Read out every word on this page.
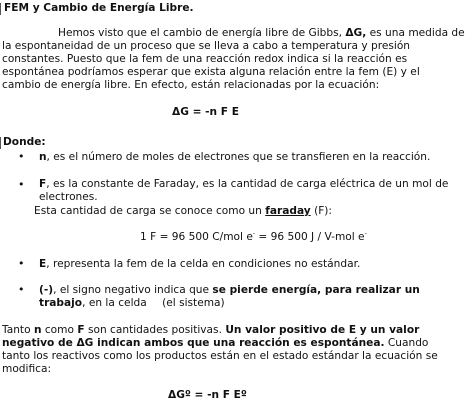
FEM y Cambio de Energía Libre.
Hemos visto que el cambio de energía libre de Gibbs, ΔG, es una medida de
la espontaneidad de un proceso que se lleva a cabo a temperatura y presión
constantes. Puesto que la fem de una reacción redox indica si la reacción es
espontánea podríamos esperar que exista alguna relación entre la fem (E) y el
cambio de energía libre. En efecto, están relacionadas por la ecuación:
ΔG = -n F E
Donde:
• n, es el número de moles de electrones que se transfieren en la reacción.
• F, es la constante de Faraday, es la cantidad de carga eléctrica de un mol de
electrones.
Esta cantidad de carga se conoce como un faraday (F):
1 F = 96 500 C/mol e- = 96 500 J / V-mol e-
• E, representa la fem de la celda en condiciones no estándar.
• (-), el signo negativo indica que se pierde energía, para realizar un
trabajo, en la celda (el sistema)
Tanto n como F son cantidades positivas. Un valor positivo de E y un valor
negativo de ΔG indican ambos que una reacción es espontánea. Cuando
tanto los reactivos como los productos están en el estado estándar la ecuación se
modifica:
ΔGº = -n F Eº
